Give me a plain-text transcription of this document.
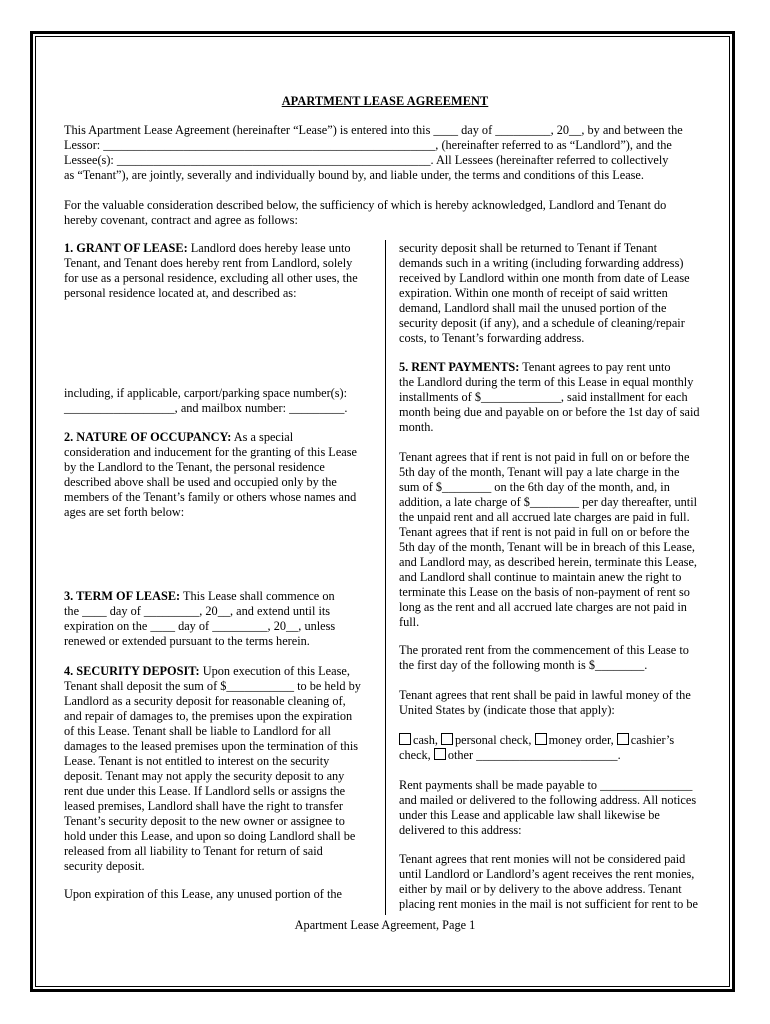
APARTMENT LEASE AGREEMENT
This Apartment Lease Agreement (hereinafter “Lease”) is entered into this ____ day of _________, 20__, by and between the
Lessor: ______________________________________________________, (hereinafter referred to as “Landlord”), and the
Lessee(s): ___________________________________________________. All Lessees (hereinafter referred to collectively
as “Tenant”), are jointly, severally and individually bound by, and liable under, the terms and conditions of this Lease.
For the valuable consideration described below, the sufficiency of which is hereby acknowledged, Landlord and Tenant do
hereby covenant, contract and agree as follows:

1. GRANT OF LEASE: Landlord does hereby lease unto

Tenant, and Tenant does hereby rent from Landlord, solely

for use as a personal residence, excluding all other uses, the

personal residence located at, and described as:

including, if applicable, carport/parking space number(s):

__________________, and mailbox number: _________.

2. NATURE OF OCCUPANCY: As a special

consideration and inducement for the granting of this Lease

by the Landlord to the Tenant, the personal residence

described above shall be used and occupied only by the

members of the Tenant’s family or others whose names and

ages are set forth below:

3. TERM OF LEASE: This Lease shall commence on

the ____ day of _________, 20__, and extend until its

expiration on the ____ day of _________, 20__, unless

renewed or extended pursuant to the terms herein.

4. SECURITY DEPOSIT: Upon execution of this Lease,

Tenant shall deposit the sum of $___________ to be held by

Landlord as a security deposit for reasonable cleaning of,

and repair of damages to, the premises upon the expiration

of this Lease. Tenant shall be liable to Landlord for all

damages to the leased premises upon the termination of this

Lease. Tenant is not entitled to interest on the security

deposit. Tenant may not apply the security deposit to any

rent due under this Lease. If Landlord sells or assigns the

leased premises, Landlord shall have the right to transfer

Tenant’s security deposit to the new owner or assignee to

hold under this Lease, and upon so doing Landlord shall be

released from all liability to Tenant for return of said

security deposit.

Upon expiration of this Lease, any unused portion of the

security deposit shall be returned to Tenant if Tenant

demands such in a writing (including forwarding address)

received by Landlord within one month from date of Lease

expiration. Within one month of receipt of said written

demand, Landlord shall mail the unused portion of the

security deposit (if any), and a schedule of cleaning/repair

costs, to Tenant’s forwarding address.

5. RENT PAYMENTS: Tenant agrees to pay rent unto

the Landlord during the term of this Lease in equal monthly

installments of $_____________, said installment for each

month being due and payable on or before the 1st day of said

month.

Tenant agrees that if rent is not paid in full on or before the

5th day of the month, Tenant will pay a late charge in the

sum of $________ on the 6th day of the month, and, in

addition, a late charge of $________ per day thereafter, until

the unpaid rent and all accrued late charges are paid in full.

Tenant agrees that if rent is not paid in full on or before the

5th day of the month, Tenant will be in breach of this Lease,

and Landlord may, as described herein, terminate this Lease,

and Landlord shall continue to maintain anew the right to

terminate this Lease on the basis of non-payment of rent so

long as the rent and all accrued late charges are not paid in

full.

The prorated rent from the commencement of this Lease to

the first day of the following month is $________.

Tenant agrees that rent shall be paid in lawful money of the

United States by (indicate those that apply):

cash, personal check, money order, cashier’s

check, other _______________________.

Rent payments shall be made payable to _______________

and mailed or delivered to the following address. All notices

under this Lease and applicable law shall likewise be

delivered to this address:

Tenant agrees that rent monies will not be considered paid

until Landlord or Landlord’s agent receives the rent monies,

either by mail or by delivery to the above address. Tenant

placing rent monies in the mail is not sufficient for rent to be

Apartment Lease Agreement, Page 1
